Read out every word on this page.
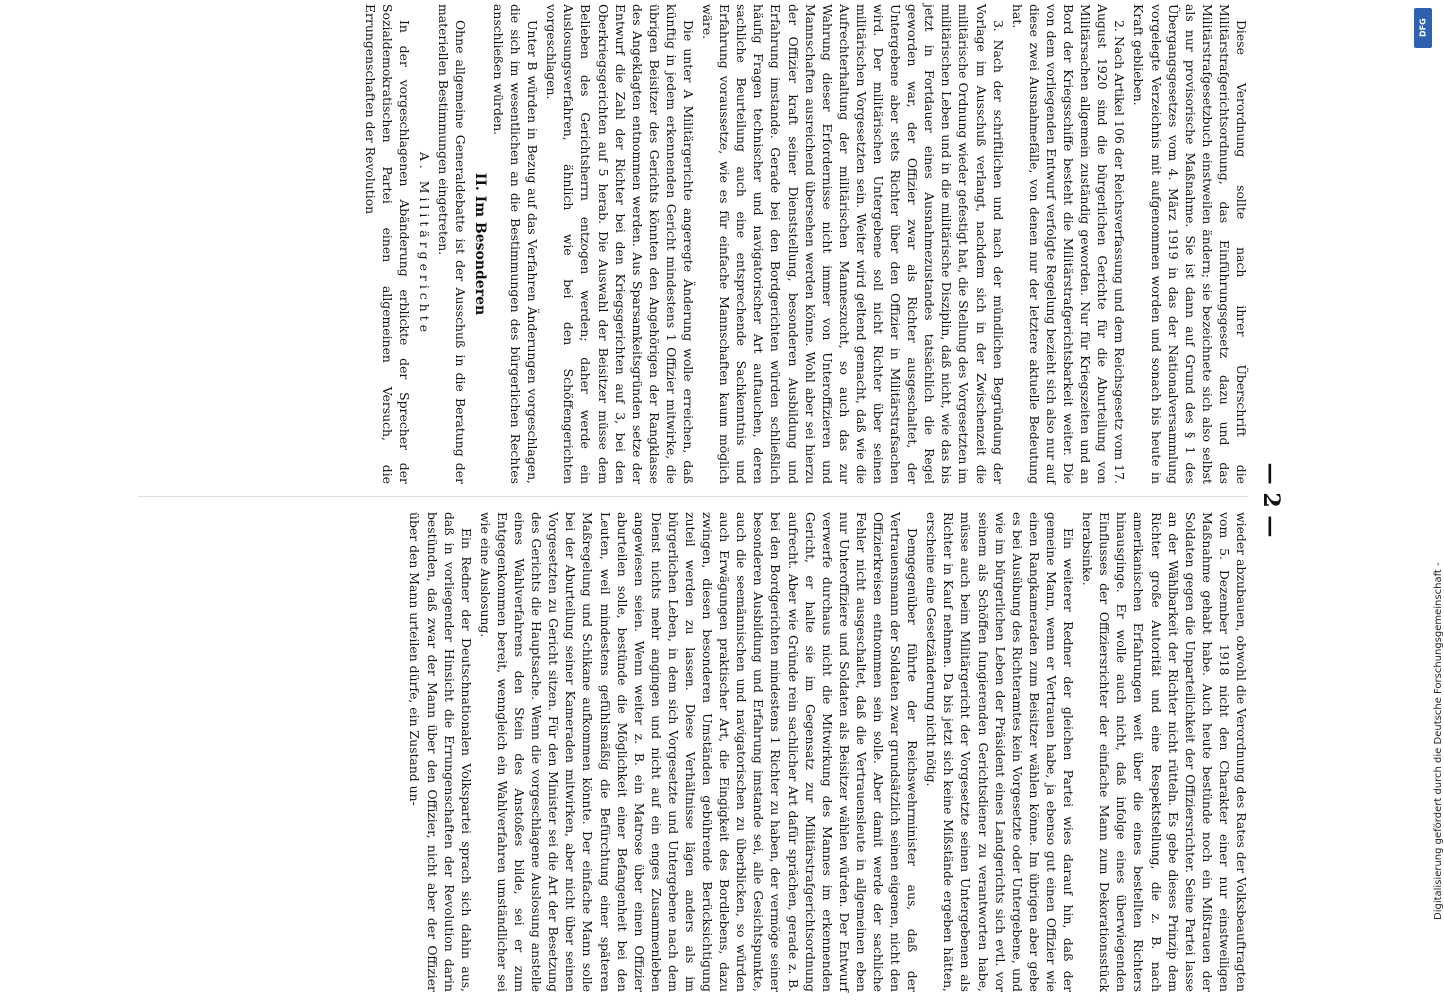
— 2 —

Diese Verordnung sollte nach ihrer Überschrift die Militärstrafgerichtsordnung, das Einführungsgesetz dazu und das Militärstrafgesetzbuch einstweilen ändern; sie bezeichnete sich also selbst als nur provisorische Maßnahme. Sie ist dann auf Grund des § 1 des Übergangsgesetzes vom 4. März 1919 in das der Nationalversammlung vorgelegte Verzeichnis mit aufgenommen worden und sonach bis heute in Kraft geblieben.

2. Nach Artikel 106 der Reichsverfassung und dem Reichsgesetz vom 17. August 1920 sind die bürgerlichen Gerichte für die Aburteilung von Militärsachen allgemein zuständig geworden. Nur für Kriegszeiten und an Bord der Kriegsschiffe besteht die Militärstrafgerichtsbarkeit weiter. Die von dem vorliegenden Entwurf verfolgte Regelung bezieht sich also nur auf diese zwei Ausnahmefälle, von denen nur der letztere aktuelle Bedeutung hat.

3. Nach der schriftlichen und nach der mündlichen Begründung der Vorlage im Ausschuß verlangt, nachdem sich in der Zwischenzeit die militärische Ordnung wieder gefestigt hat, die Stellung des Vorgesetzten im militärischen Leben und in die militärische Disziplin, daß nicht, wie das bis jetzt in Fortdauer eines Ausnahmezustandes tatsächlich die Regel geworden war, der Offizier zwar als Richter ausgeschaltet, der Untergebene aber stets Richter über den Offizier in Militärstrafsachen wird. Der militärischen Untergebene soll nicht Richter über seinen militärischen Vorgesetzten sein. Weiter wird geltend gemacht, daß wie die Aufrechterhaltung der militärischen Manneszucht, so auch das zur Wahrung dieser Erfordernisse nicht immer von Unteroffizieren und Mannschaften ausreichend übersehen werden könne. Wohl aber sei hierzu der Offizier kraft seiner Dienststellung, besonderen Ausbildung und Erfahrung imstande. Gerade bei den Bordgerichten würden schließlich häufig Fragen technischer und navigatorischer Art auftauchen, deren sachliche Beurteilung auch eine entsprechende Sachkenntnis und Erfahrung voraussetze, wie es für einfache Mannschaften kaum möglich wäre.

Die unter A Militärgerichte angeregte Änderung wolle erreichen, daß künftig in jedem erkennenden Gericht mindestens 1 Offizier mitwirke, die übrigen Beisitzer des Gerichts könnten den Angehörigen der Rangklasse des Angeklagten entnommen werden. Aus Sparsamkeitsgründen setze der Entwurf die Zahl der Richter bei den Kriegsgerichten auf 3, bei den Oberkriegsgerichten auf 5 herab. Die Auswahl der Beisitzer müsse dem Belieben des Gerichtsherrn entzogen werden; daher werde ein Auslosungsverfahren, ähnlich wie bei den Schöffengerichten vorgeschlagen.

Unter B würden in Bezug auf das Verfahren Änderungen vorgeschlagen, die sich im wesentlichen an die Bestimmungen des bürgerlichen Rechtes anschließen würden.

II. Im Besonderen

Ohne allgemeine Generaldebatte ist der Ausschuß in die Beratung der materiellen Bestimmungen eingetreten.

A. Militärgerichte

In der vorgeschlagenen Abänderung erblickte der Sprecher der Sozialdemokratischen Partei einen allgemeinen Versuch, die Errungenschaften der Revolution

wieder abzubauen, obwohl die Verordnung des Rates der Volksbeauftragten vom 5. Dezember 1918 nicht den Charakter einer nur einstweiligen Maßnahme gehabt habe. Auch heute bestünde noch ein Mißtrauen der Soldaten gegen die Unparteilichkeit der Offiziersrichter. Seine Partei lasse an der Wählbarkeit der Richter nicht rütteln. Es gebe dieses Prinzip dem Richter große Autorität und eine Respektstellung, die z. B. nach amerikanischen Erfahrungen weit über die eines bestellten Richters hinausginge. Er wolle auch nicht, daß infolge eines überwiegenden Einflusses der Offiziersrichter der einfache Mann zum Dekorationsstück herabsinke.

Ein weiterer Redner der gleichen Partei wies darauf hin, daß der gemeine Mann, wenn er Vertrauen habe, ja ebenso gut einen Offizier wie einen Rangkameraden zum Beisitzer wählen könne. Im übrigen aber gebe es bei Ausübung des Richteramtes kein Vorgesetzte oder Untergebene, und wie im bürgerlichen Leben der Präsident eines Landgerichts sich evtl. vor seinem als Schöffen fungierenden Gerichtsdiener zu verantworten habe, müsse auch beim Militärgericht der Vorgesetzte seinen Untergebenen als Richter in Kauf nehmen. Da bis jetzt sich keine Mißstände ergeben hätten, erscheine eine Gesetzänderung nicht nötig.

Demgegenüber führte der Reichswehrminister aus, daß der Vertrauensmann der Soldaten zwar grundsätzlich seinen eigenen, nicht den Offizierkreisen entnommen sein solle. Aber damit werde der sachliche Fehler nicht ausgeschaltet, daß die Vertrauensleute in allgemeinen eben nur Unteroffiziere und Soldaten als Beisitzer wählen würden. Der Entwurf verwerfe durchaus nicht die Mitwirkung des Mannes im erkennenden Gericht, er halte sie im Gegensatz zur Militärstrafgerichtsordnung aufrecht. Aber wie Gründe rein sachlicher Art dafür sprächen, gerade z. B. bei den Bordgerichten mindestens 1 Richter zu haben, der vermöge seiner besonderen Ausbildung und Erfahrung imstande sei, alle Gesichtspunkte, auch die seemännischen und navigatorischen zu überblicken, so würden auch Erwägungen praktischer Art, die Eingigkeit des Bordlebens, dazu zwingen, diesen besonderen Umständen gebührende Berücksichtigung zuteil werden zu lassen. Diese Verhältnisse lägen anders als im bürgerlichen Leben, in dem sich Vorgesetzte und Untergebene nach dem Dienst nichts mehr angingen und nicht auf ein enges Zusammenleben angewiesen seien. Wenn weiter z. B. ein Matrose über einen Offizier aburteilen solle, bestünde die Möglichkeit einer Befangenheit bei den Leuten, weil mindestens gefühlsmäßig die Befürchtung einer späteren Maßregelung und Schikane aufkommen könnte. Der einfache Mann solle bei der Aburteilung seiner Kameraden mitwirken, aber nicht über seinen Vorgesetzten zu Gericht sitzen. Für den Minister sei die Art der Besetzung des Gerichts die Hauptsache. Wenn die vorgeschlagene Auslosung anstelle eines Wahlverfahrens den Stein des Anstoßes bilde, sei er zum Entgegenkommen bereit, wenngleich ein Wahlverfahren umständlicher sei wie eine Auslosung.

Ein Redner der Deutschnationalen Volkspartei sprach sich dahin aus, daß in vorliegender Hinsicht die Errungenschaften der Revolution darin bestünden, daß zwar der Mann über den Offizier, nicht aber der Offizier über den Mann urteilen dürfe, ein Zustand un-

DFG
Digitalisierung gefördert durch die Deutsche Forschungsgemeinschaft -
